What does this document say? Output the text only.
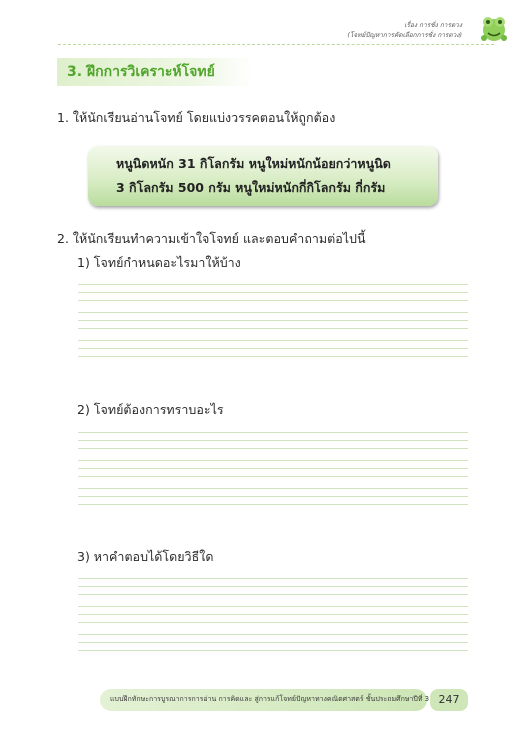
เรื่อง การชั่ง การตวง
(โจทย์ปัญหาการคัดเลือกการชั่ง การตวง)
3. ฝึกการวิเคราะห์โจทย์
1. ให้นักเรียนอ่านโจทย์ โดยแบ่งวรรคตอนให้ถูกต้อง
หนูนิดหนัก 31 กิโลกรัม หนูใหม่หนักน้อยกว่าหนูนิด
3 กิโลกรัม 500 กรัม หนูใหม่หนักกี่กิโลกรัม กี่กรัม
2. ให้นักเรียนทำความเข้าใจโจทย์ และตอบคำถามต่อไปนี้
1) โจทย์กำหนดอะไรมาให้บ้าง
2) โจทย์ต้องการทราบอะไร
3) หาคำตอบได้โดยวิธีใด
แบบฝึกทักษะการบูรณาการการอ่าน การคิดและ สู่การแก้โจทย์ปัญหาทางคณิตศาสตร์ ชั้นประถมศึกษาปีที่ 3 247
